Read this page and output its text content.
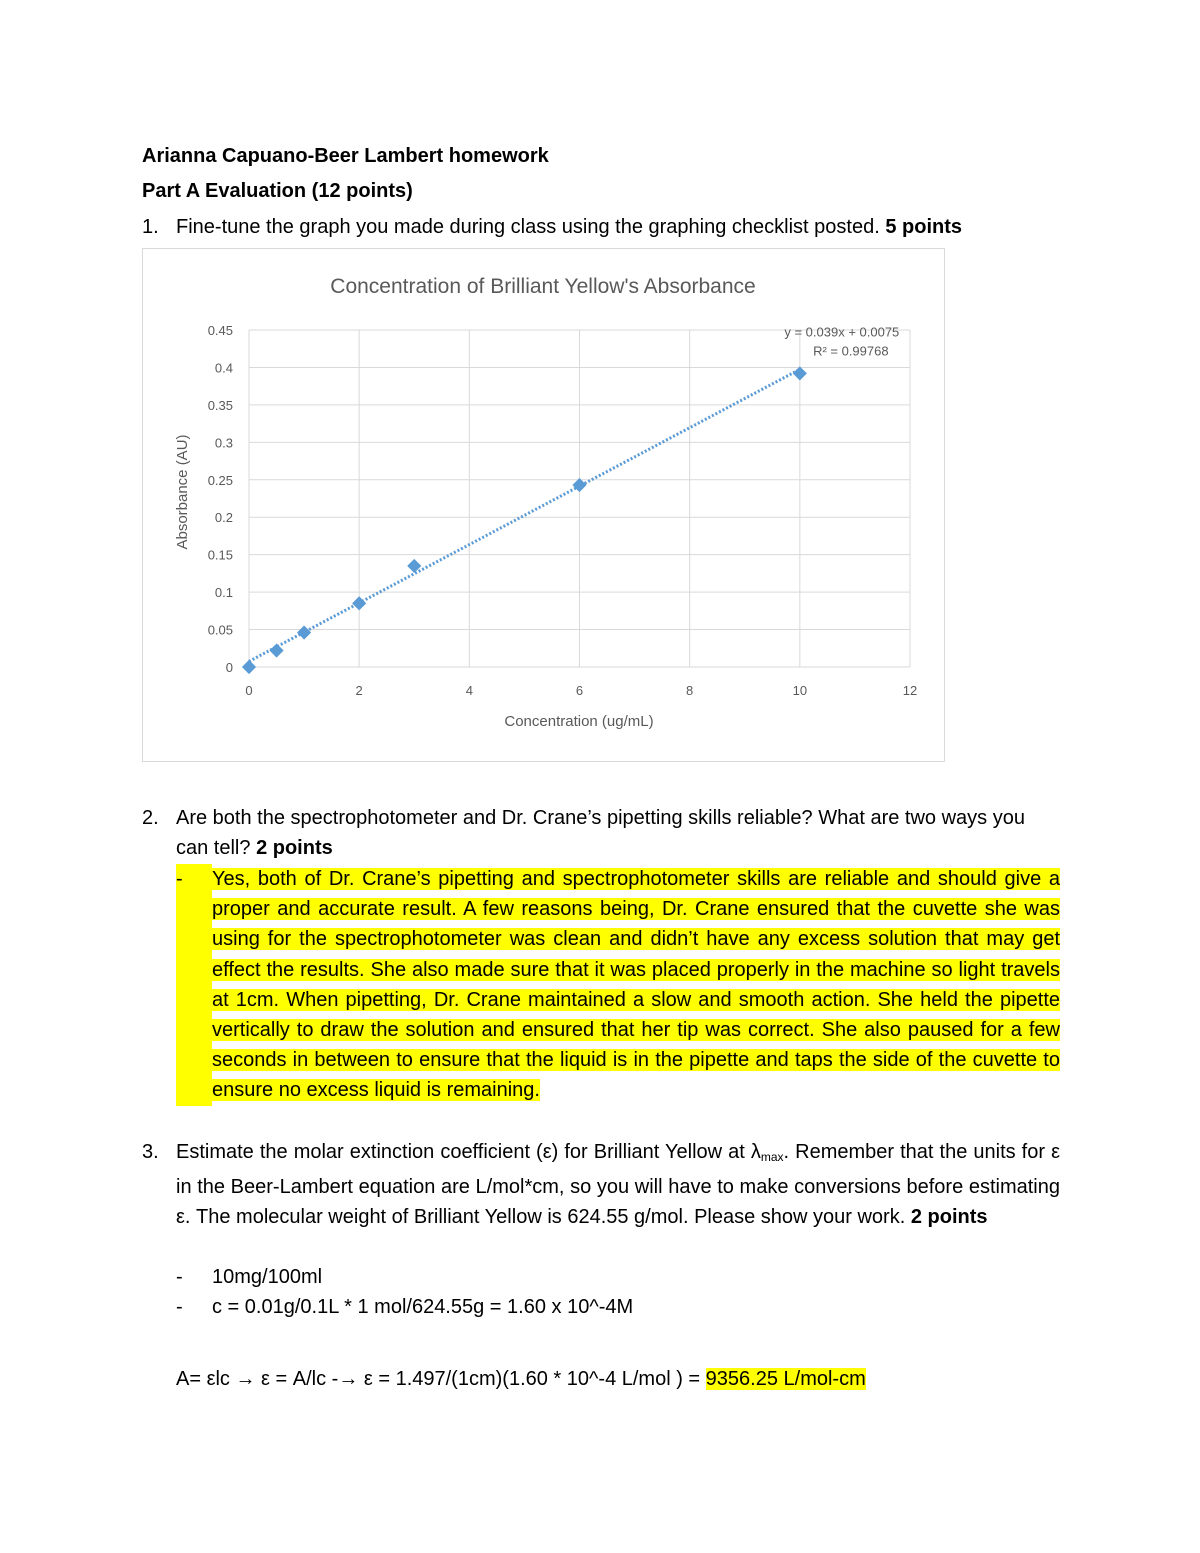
Arianna Capuano-Beer Lambert homework
Part A Evaluation (12 points)
1. Fine-tune the graph you made during class using the graphing checklist posted. 5 points
Concentration of Brilliant Yellow's Absorbance
Concentration (ug/mL)
Absorbance (AU)
0
0.05
0.1
0.15
0.2
0.25
0.3
0.35
0.4
0.45
0	2	4	6	8	10	12
y = 0.039x + 0.0075
R² = 0.99768
2. Are both the spectrophotometer and Dr. Crane’s pipetting skills reliable? What are two ways you can tell? 2 points
-	Yes, both of Dr. Crane’s pipetting and spectrophotometer skills are reliable and should give a proper and accurate result. A few reasons being, Dr. Crane ensured that the cuvette she was using for the spectrophotometer was clean and didn’t have any excess solution that may get effect the results. She also made sure that it was placed properly in the machine so light travels at 1cm. When pipetting, Dr. Crane maintained a slow and smooth action. She held the pipette vertically to draw the solution and ensured that her tip was correct. She also paused for a few seconds in between to ensure that the liquid is in the pipette and taps the side of the cuvette to ensure no excess liquid is remaining.
3. Estimate the molar extinction coefficient (ε) for Brilliant Yellow at $\lambda_{max}$. Remember that the units for ε in the Beer-Lambert equation are L/mol*cm, so you will have to make conversions before estimating ε. The molecular weight of Brilliant Yellow is 624.55 g/mol. Please show your work. 2 points
- 10mg/100ml
- c = 0.01g/0.1L * 1 mol/624.55g = 1.60 x 10^-4M
A= εlc → ε = A/lc -→ ε = 1.497/(1cm)(1.60 * 10^-4 L/mol ) = 9356.25 L/mol-cm
